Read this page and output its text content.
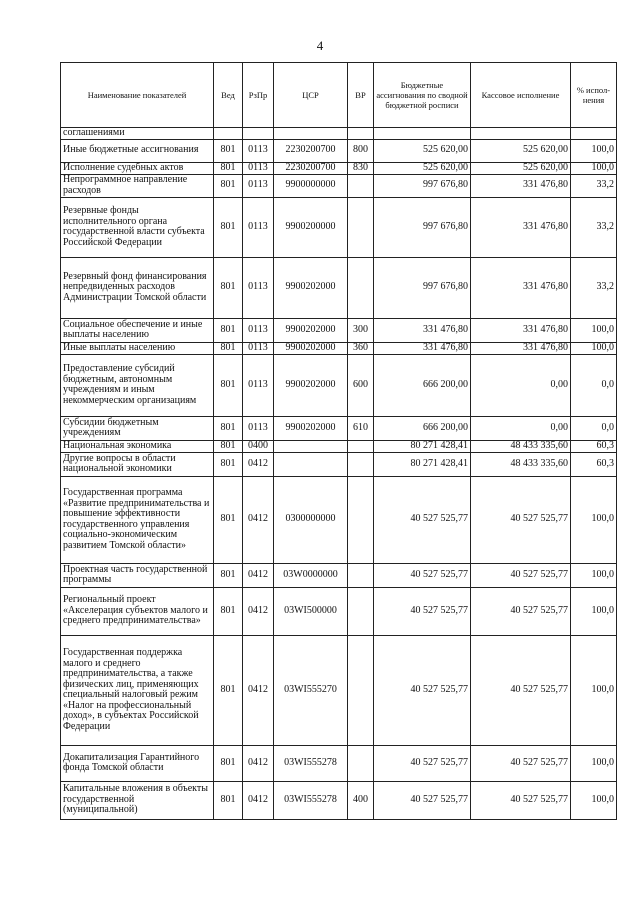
4
Наименование показателей	Вед	РзПр	ЦСР	ВР	Бюджетные ассигнования по сводной бюджетной росписи	Кассовое исполнение	% испол-нения
соглашениями							
Иные бюджетные ассигнования	801	0113	2230200700	800	525 620,00	525 620,00	100,0
Исполнение судебных актов	801	0113	2230200700	830	525 620,00	525 620,00	100,0
Непрограммное направление расходов	801	0113	9900000000		997 676,80	331 476,80	33,2
Резервные фонды исполнительного органа государственной власти субъекта Российской Федерации	801	0113	9900200000		997 676,80	331 476,80	33,2
Резервный фонд финансирования непредвиденных расходов Администрации Томской области	801	0113	9900202000		997 676,80	331 476,80	33,2
Социальное обеспечение и иные выплаты населению	801	0113	9900202000	300	331 476,80	331 476,80	100,0
Иные выплаты населению	801	0113	9900202000	360	331 476,80	331 476,80	100,0
Предоставление субсидий бюджетным, автономным учреждениям и иным некоммерческим организациям	801	0113	9900202000	600	666 200,00	0,00	0,0
Субсидии бюджетным учреждениям	801	0113	9900202000	610	666 200,00	0,00	0,0
Национальная экономика	801	0400			80 271 428,41	48 433 335,60	60,3
Другие вопросы в области национальной экономики	801	0412			80 271 428,41	48 433 335,60	60,3
Государственная программа «Развитие предпринимательства и повышение эффективности государственного управления социально-экономическим развитием Томской области»	801	0412	0300000000		40 527 525,77	40 527 525,77	100,0
Проектная часть государственной программы	801	0412	03W0000000		40 527 525,77	40 527 525,77	100,0
Региональный проект «Акселерация субъектов малого и среднего предпринимательства»	801	0412	03WI500000		40 527 525,77	40 527 525,77	100,0
Государственная поддержка малого и среднего предпринимательства, а также физических лиц, применяющих специальный налоговый режим «Налог на профессиональный доход», в субъектах Российской Федерации	801	0412	03WI555270		40 527 525,77	40 527 525,77	100,0
Докапитализация Гарантийного фонда Томской области	801	0412	03WI555278		40 527 525,77	40 527 525,77	100,0
Капитальные вложения в объекты государственной (муниципальной)	801	0412	03WI555278	400	40 527 525,77	40 527 525,77	100,0
